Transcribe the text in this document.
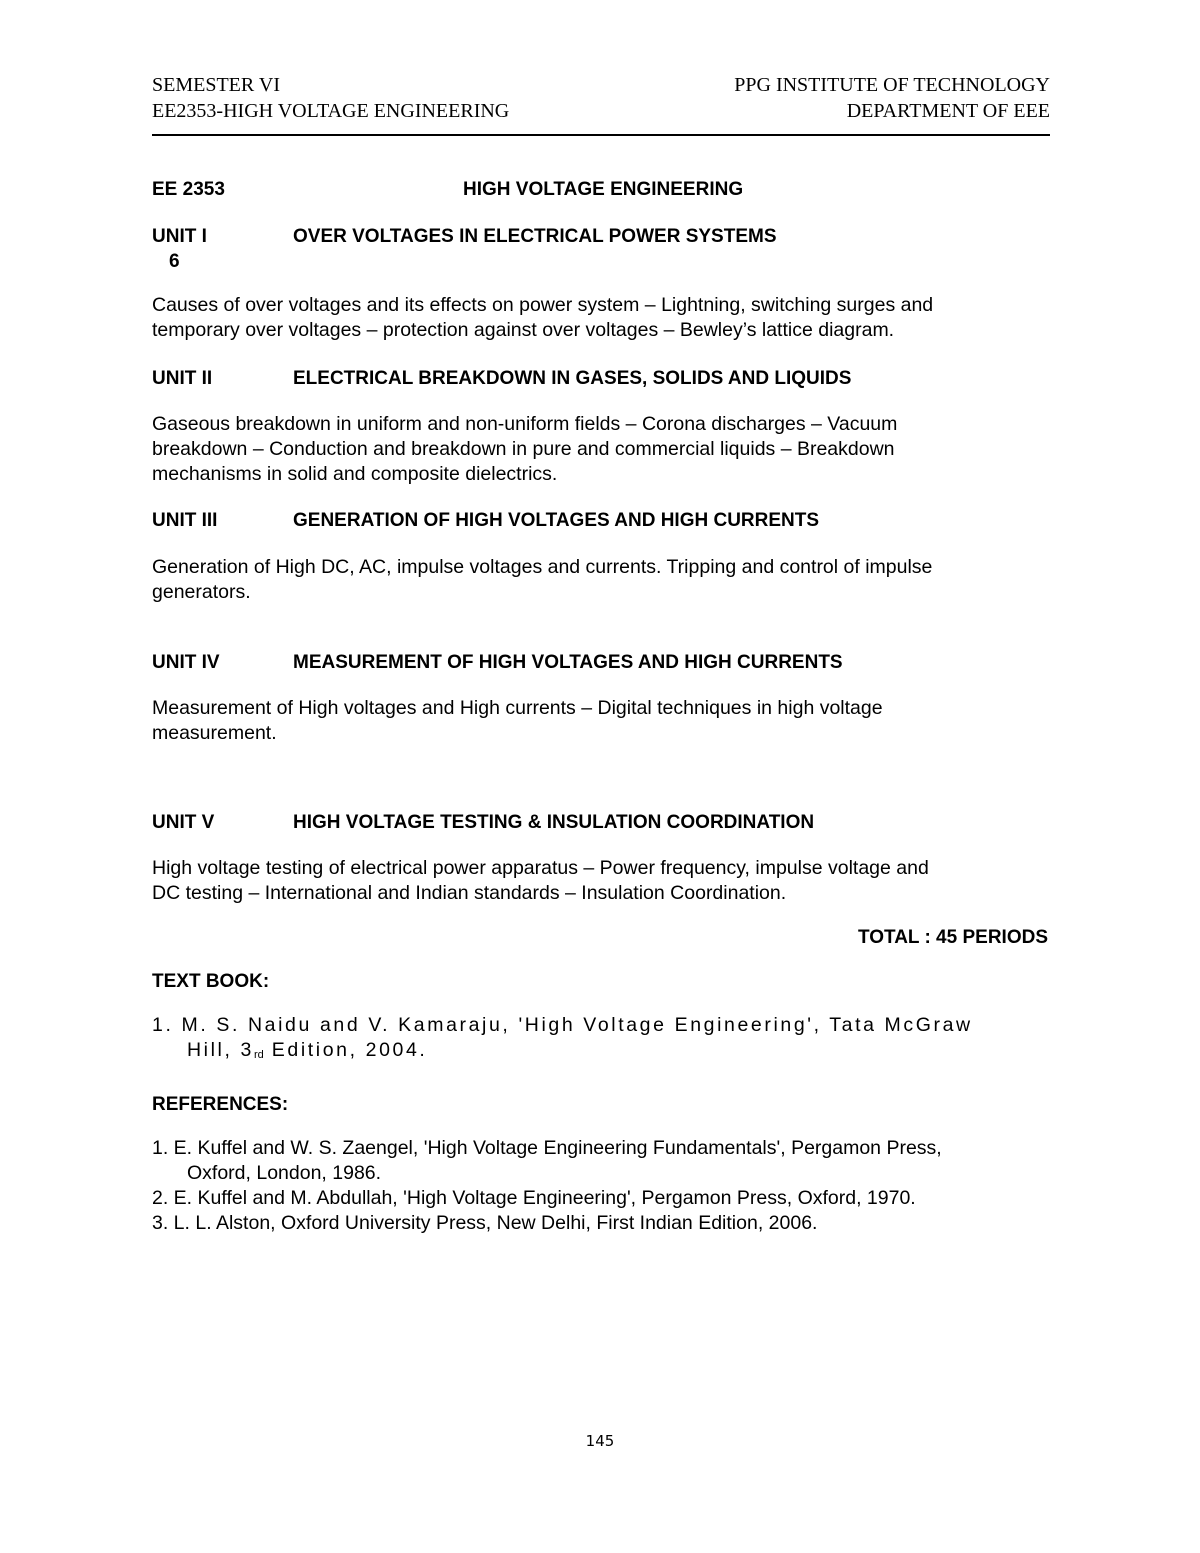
SEMESTER VI	PPG INSTITUTE OF TECHNOLOGY
EE2353-HIGH VOLTAGE ENGINEERING	DEPARTMENT OF EEE
EE 2353	HIGH VOLTAGE ENGINEERING
UNIT I	OVER VOLTAGES IN ELECTRICAL POWER SYSTEMS
6

Causes of over voltages and its effects on power system – Lightning, switching surges and

temporary over voltages – protection against over voltages – Bewley’s lattice diagram.

UNIT II	ELECTRICAL BREAKDOWN IN GASES, SOLIDS AND LIQUIDS

Gaseous breakdown in uniform and non-uniform fields – Corona discharges – Vacuum

breakdown – Conduction and breakdown in pure and commercial liquids – Breakdown

mechanisms in solid and composite dielectrics.

UNIT III	GENERATION OF HIGH VOLTAGES AND HIGH CURRENTS

Generation of High DC, AC, impulse voltages and currents. Tripping and control of impulse

generators.

UNIT IV	MEASUREMENT OF HIGH VOLTAGES AND HIGH CURRENTS

Measurement of High voltages and High currents – Digital techniques in high voltage

measurement.

UNIT V	HIGH VOLTAGE TESTING & INSULATION COORDINATION

High voltage testing of electrical power apparatus – Power frequency, impulse voltage and

DC testing – International and Indian standards – Insulation Coordination.

TOTAL : 45 PERIODS
TEXT BOOK:

1. M. S. Naidu and V. Kamaraju, 'High Voltage Engineering', Tata McGraw

Hill, 3rd Edition, 2004.

REFERENCES:

1. E. Kuffel and W. S. Zaengel, 'High Voltage Engineering Fundamentals', Pergamon Press,

Oxford, London, 1986.

2. E. Kuffel and M. Abdullah, 'High Voltage Engineering', Pergamon Press, Oxford, 1970.

3. L. L. Alston, Oxford University Press, New Delhi, First Indian Edition, 2006.

145
